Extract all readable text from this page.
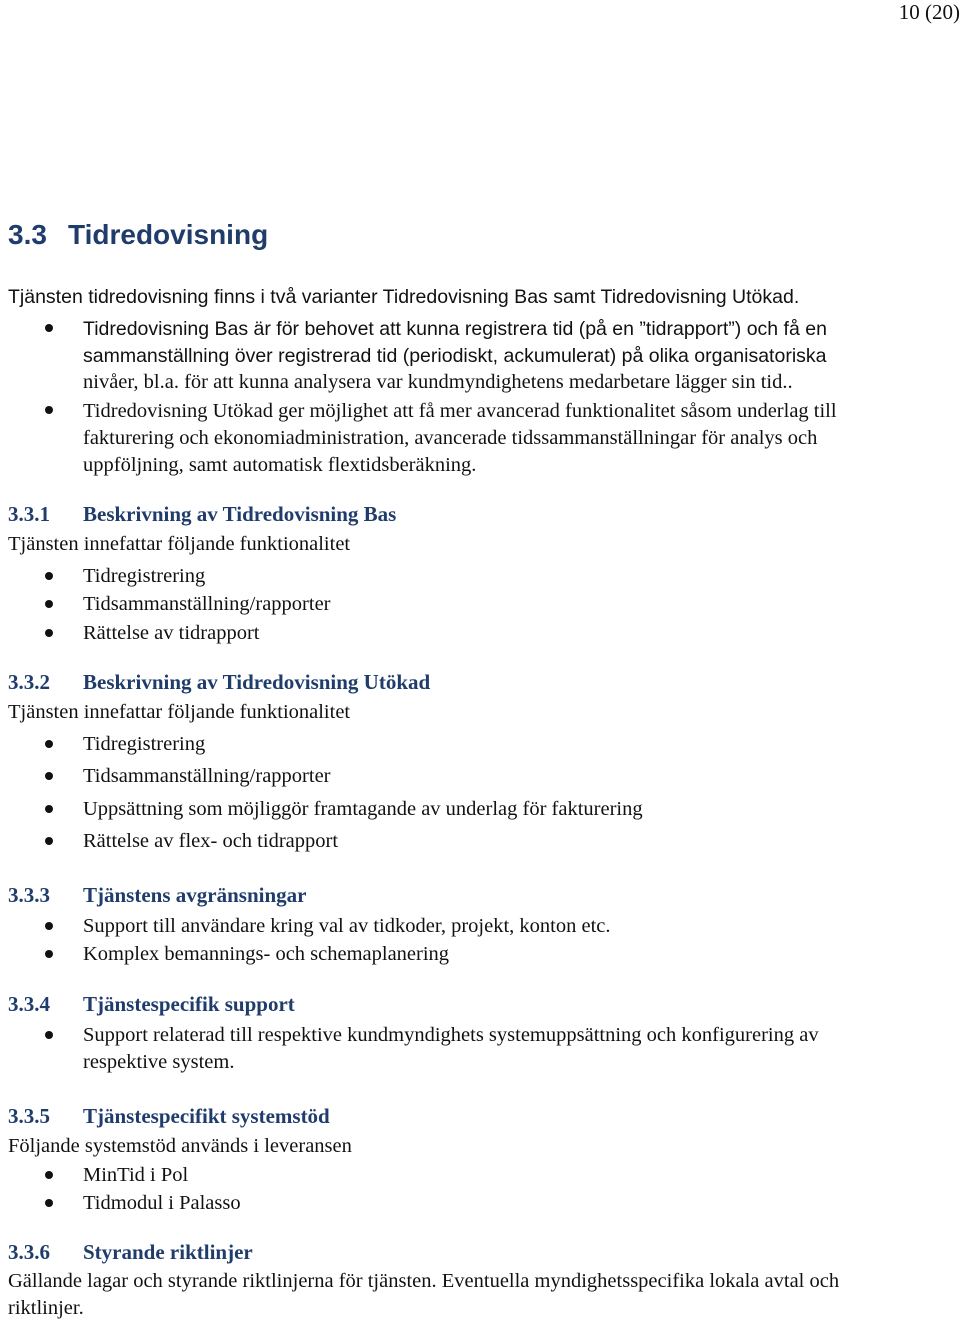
10 (20)
3.3 Tidredovisning
Tjänsten tidredovisning finns i två varianter Tidredovisning Bas samt Tidredovisning Utökad.
Tidredovisning Bas är för behovet att kunna registrera tid (på en ”tidrapport”) och få en
sammanställning över registrerad tid (periodiskt, ackumulerat) på olika organisatoriska
nivåer, bl.a. för att kunna analysera var kundmyndighetens medarbetare lägger sin tid..
Tidredovisning Utökad ger möjlighet att få mer avancerad funktionalitet såsom underlag till
fakturering och ekonomiadministration, avancerade tidssammanställningar för analys och
uppföljning, samt automatisk flextidsberäkning.
3.3.1 Beskrivning av Tidredovisning Bas
Tjänsten innefattar följande funktionalitet
Tidregistrering
Tidsammanställning/rapporter
Rättelse av tidrapport
3.3.2 Beskrivning av Tidredovisning Utökad
Tjänsten innefattar följande funktionalitet
Tidregistrering
Tidsammanställning/rapporter
Uppsättning som möjliggör framtagande av underlag för fakturering
Rättelse av flex- och tidrapport
3.3.3 Tjänstens avgränsningar
Support till användare kring val av tidkoder, projekt, konton etc.
Komplex bemannings- och schemaplanering
3.3.4 Tjänstespecifik support
Support relaterad till respektive kundmyndighets systemuppsättning och konfigurering av
respektive system.
3.3.5 Tjänstespecifikt systemstöd
Följande systemstöd används i leveransen
MinTid i Pol
Tidmodul i Palasso
3.3.6 Styrande riktlinjer
Gällande lagar och styrande riktlinjerna för tjänsten. Eventuella myndighetsspecifika lokala avtal och
riktlinjer.
